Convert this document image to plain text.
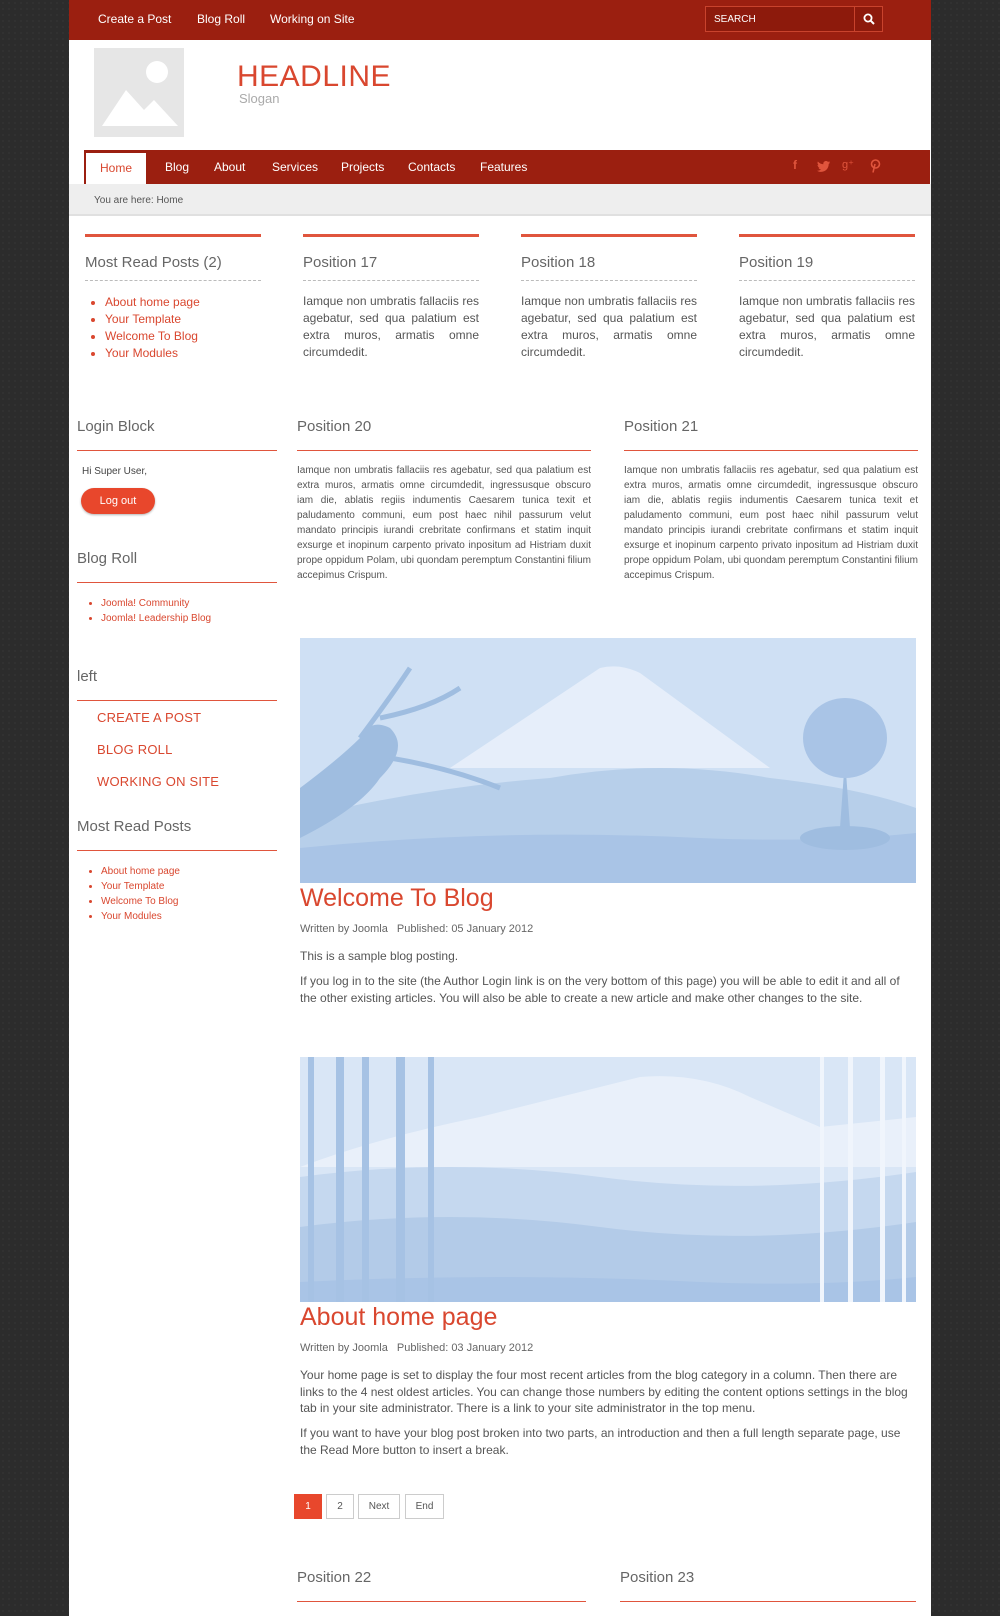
Create a Post Blog Roll Working on Site
SEARCH
HEADLINE
Slogan
Home	Blog About Services Projects Contacts Features	f	g⁺
You are here: Home
Most Read Posts (2)
• About home page
• Your Template
• Welcome To Blog
• Your Modules
Position 17

Iamque non umbratis fallaciis res agebatur, sed qua palatium est extra muros, armatis omne circumdedit.

Position 18

Iamque non umbratis fallaciis res agebatur, sed qua palatium est extra muros, armatis omne circumdedit.

Position 19

Iamque non umbratis fallaciis res agebatur, sed qua palatium est extra muros, armatis omne circumdedit.

Login Block
Hi Super User,
Log out
Blog Roll
• Joomla! Community
• Joomla! Leadership Blog
left
CREATE A POST
BLOG ROLL
WORKING ON SITE
Most Read Posts
• About home page
• Your Template
• Welcome To Blog
• Your Modules
Position 20

Iamque non umbratis fallaciis res agebatur, sed qua palatium est extra muros, armatis omne circumdedit, ingressusque obscuro iam die, ablatis regiis indumentis Caesarem tunica texit et paludamento communi, eum post haec nihil passurum velut mandato principis iurandi crebritate confirmans et statim inquit exsurge et inopinum carpento privato inpositum ad Histriam duxit prope oppidum Polam, ubi quondam peremptum Constantini filium accepimus Crispum.

Position 21

Iamque non umbratis fallaciis res agebatur, sed qua palatium est extra muros, armatis omne circumdedit, ingressusque obscuro iam die, ablatis regiis indumentis Caesarem tunica texit et paludamento communi, eum post haec nihil passurum velut mandato principis iurandi crebritate confirmans et statim inquit exsurge et inopinum carpento privato inpositum ad Histriam duxit prope oppidum Polam, ubi quondam peremptum Constantini filium accepimus Crispum.

Welcome To Blog
Written by Joomla Published: 05 January 2012

This is a sample blog posting.

If you log in to the site (the Author Login link is on the very bottom of this page) you will be able to edit it and all of the other existing articles. You will also be able to create a new article and make other changes to the site.

About home page
Written by Joomla Published: 03 January 2012

Your home page is set to display the four most recent articles from the blog category in a column. Then there are links to the 4 nest oldest articles. You can change those numbers by editing the content options settings in the blog tab in your site administrator. There is a link to your site administrator in the top menu.

If you want to have your blog post broken into two parts, an introduction and then a full length separate page, use the Read More button to insert a break.

1	2	Next	End
Position 22	Position 23
